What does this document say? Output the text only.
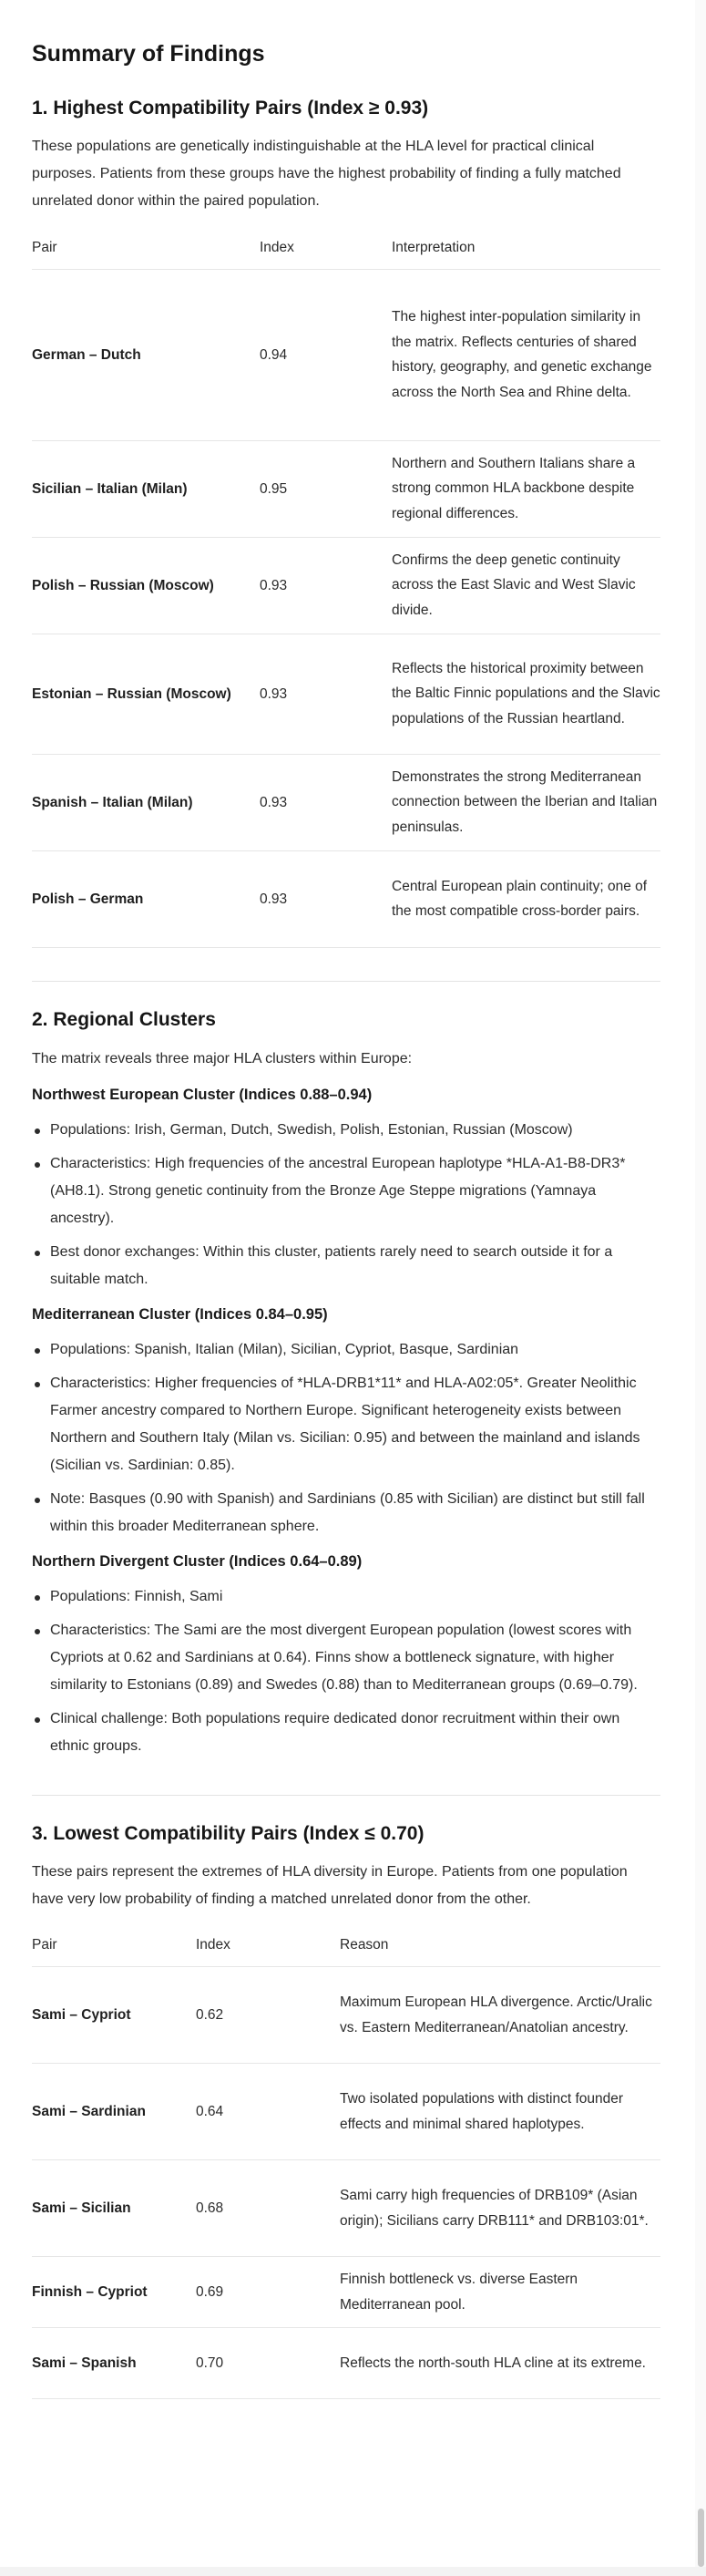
Summary of Findings
1. Highest Compatibility Pairs (Index ≥ 0.93)

These populations are genetically indistinguishable at the HLA level for practical clinical purposes. Patients from these groups have the highest probability of finding a fully matched unrelated donor within the paired population.

Pair	Index	Interpretation
German – Dutch	0.94	The highest inter-population similarity in the matrix. Reflects centuries of shared history, geography, and genetic exchange across the North Sea and Rhine delta.
Sicilian – Italian (Milan)	0.95	Northern and Southern Italians share a strong common HLA backbone despite regional differences.
Polish – Russian (Moscow)	0.93	Confirms the deep genetic continuity across the East Slavic and West Slavic divide.
Estonian – Russian (Moscow)	0.93	Reflects the historical proximity between the Baltic Finnic populations and the Slavic populations of the Russian heartland.
Spanish – Italian (Milan)	0.93	Demonstrates the strong Mediterranean connection between the Iberian and Italian peninsulas.
Polish – German	0.93	Central European plain continuity; one of the most compatible cross-border pairs.
2. Regional Clusters

The matrix reveals three major HLA clusters within Europe:

Northwest European Cluster (Indices 0.88–0.94)
Populations: Irish, German, Dutch, Swedish, Polish, Estonian, Russian (Moscow)
Characteristics: High frequencies of the ancestral European haplotype *HLA-A1-B8-DR3* (AH8.1). Strong genetic continuity from the Bronze Age Steppe migrations (Yamnaya ancestry).
Best donor exchanges: Within this cluster, patients rarely need to search outside it for a suitable match.
Mediterranean Cluster (Indices 0.84–0.95)
Populations: Spanish, Italian (Milan), Sicilian, Cypriot, Basque, Sardinian
Characteristics: Higher frequencies of *HLA-DRB1*11* and HLA-A02:05*. Greater Neolithic Farmer ancestry compared to Northern Europe. Significant heterogeneity exists between Northern and Southern Italy (Milan vs. Sicilian: 0.95) and between the mainland and islands (Sicilian vs. Sardinian: 0.85).
Note: Basques (0.90 with Spanish) and Sardinians (0.85 with Sicilian) are distinct but still fall within this broader Mediterranean sphere.
Northern Divergent Cluster (Indices 0.64–0.89)
Populations: Finnish, Sami
Characteristics: The Sami are the most divergent European population (lowest scores with Cypriots at 0.62 and Sardinians at 0.64). Finns show a bottleneck signature, with higher similarity to Estonians (0.89) and Swedes (0.88) than to Mediterranean groups (0.69–0.79).
Clinical challenge: Both populations require dedicated donor recruitment within their own ethnic groups.
3. Lowest Compatibility Pairs (Index ≤ 0.70)

These pairs represent the extremes of HLA diversity in Europe. Patients from one population have very low probability of finding a matched unrelated donor from the other.

Pair	Index	Reason
Sami – Cypriot	0.62	Maximum European HLA divergence. Arctic/Uralic vs. Eastern Mediterranean/Anatolian ancestry.
Sami – Sardinian	0.64	Two isolated populations with distinct founder effects and minimal shared haplotypes.
Sami – Sicilian	0.68	Sami carry high frequencies of DRB109* (Asian origin); Sicilians carry DRB111* and DRB103:01*.
Finnish – Cypriot	0.69	Finnish bottleneck vs. diverse Eastern Mediterranean pool.
Sami – Spanish	0.70	Reflects the north-south HLA cline at its extreme.
